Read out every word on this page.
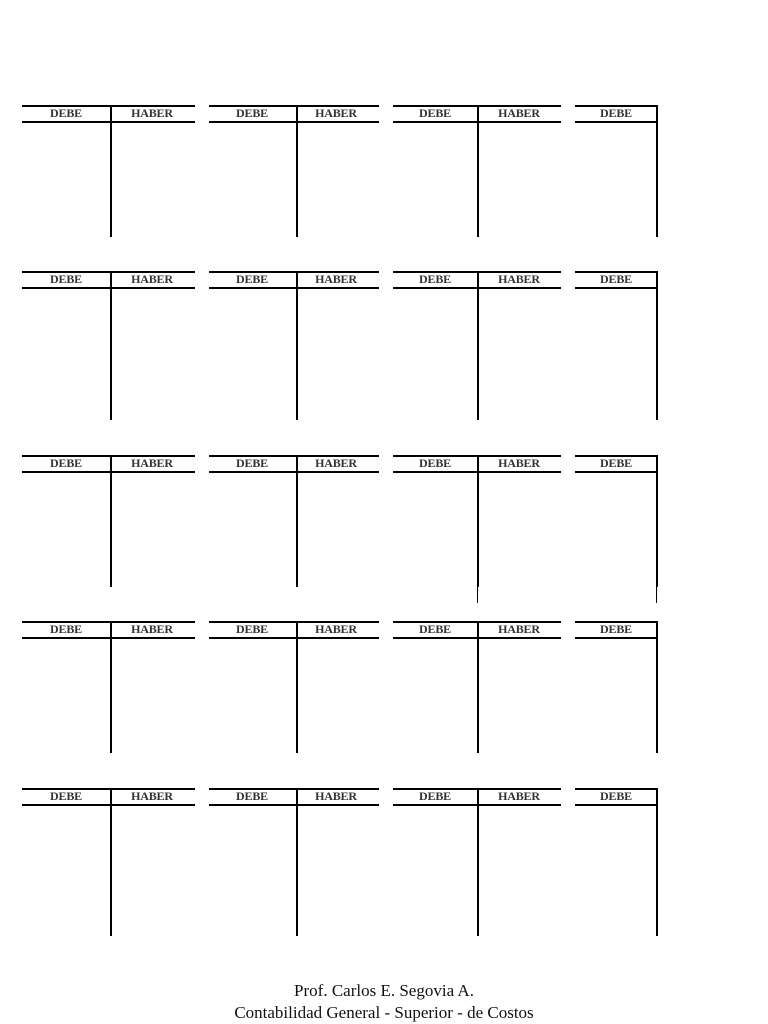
DEBE	HABER	DEBE	HABER	DEBE	HABER	DEBE
DEBE	HABER	DEBE	HABER	DEBE	HABER	DEBE
DEBE	HABER	DEBE	HABER	DEBE	HABER	DEBE
DEBE	HABER	DEBE	HABER	DEBE	HABER	DEBE
DEBE	HABER	DEBE	HABER	DEBE	HABER	DEBE
Prof. Carlos E. Segovia A.
Contabilidad General - Superior - de Costos
